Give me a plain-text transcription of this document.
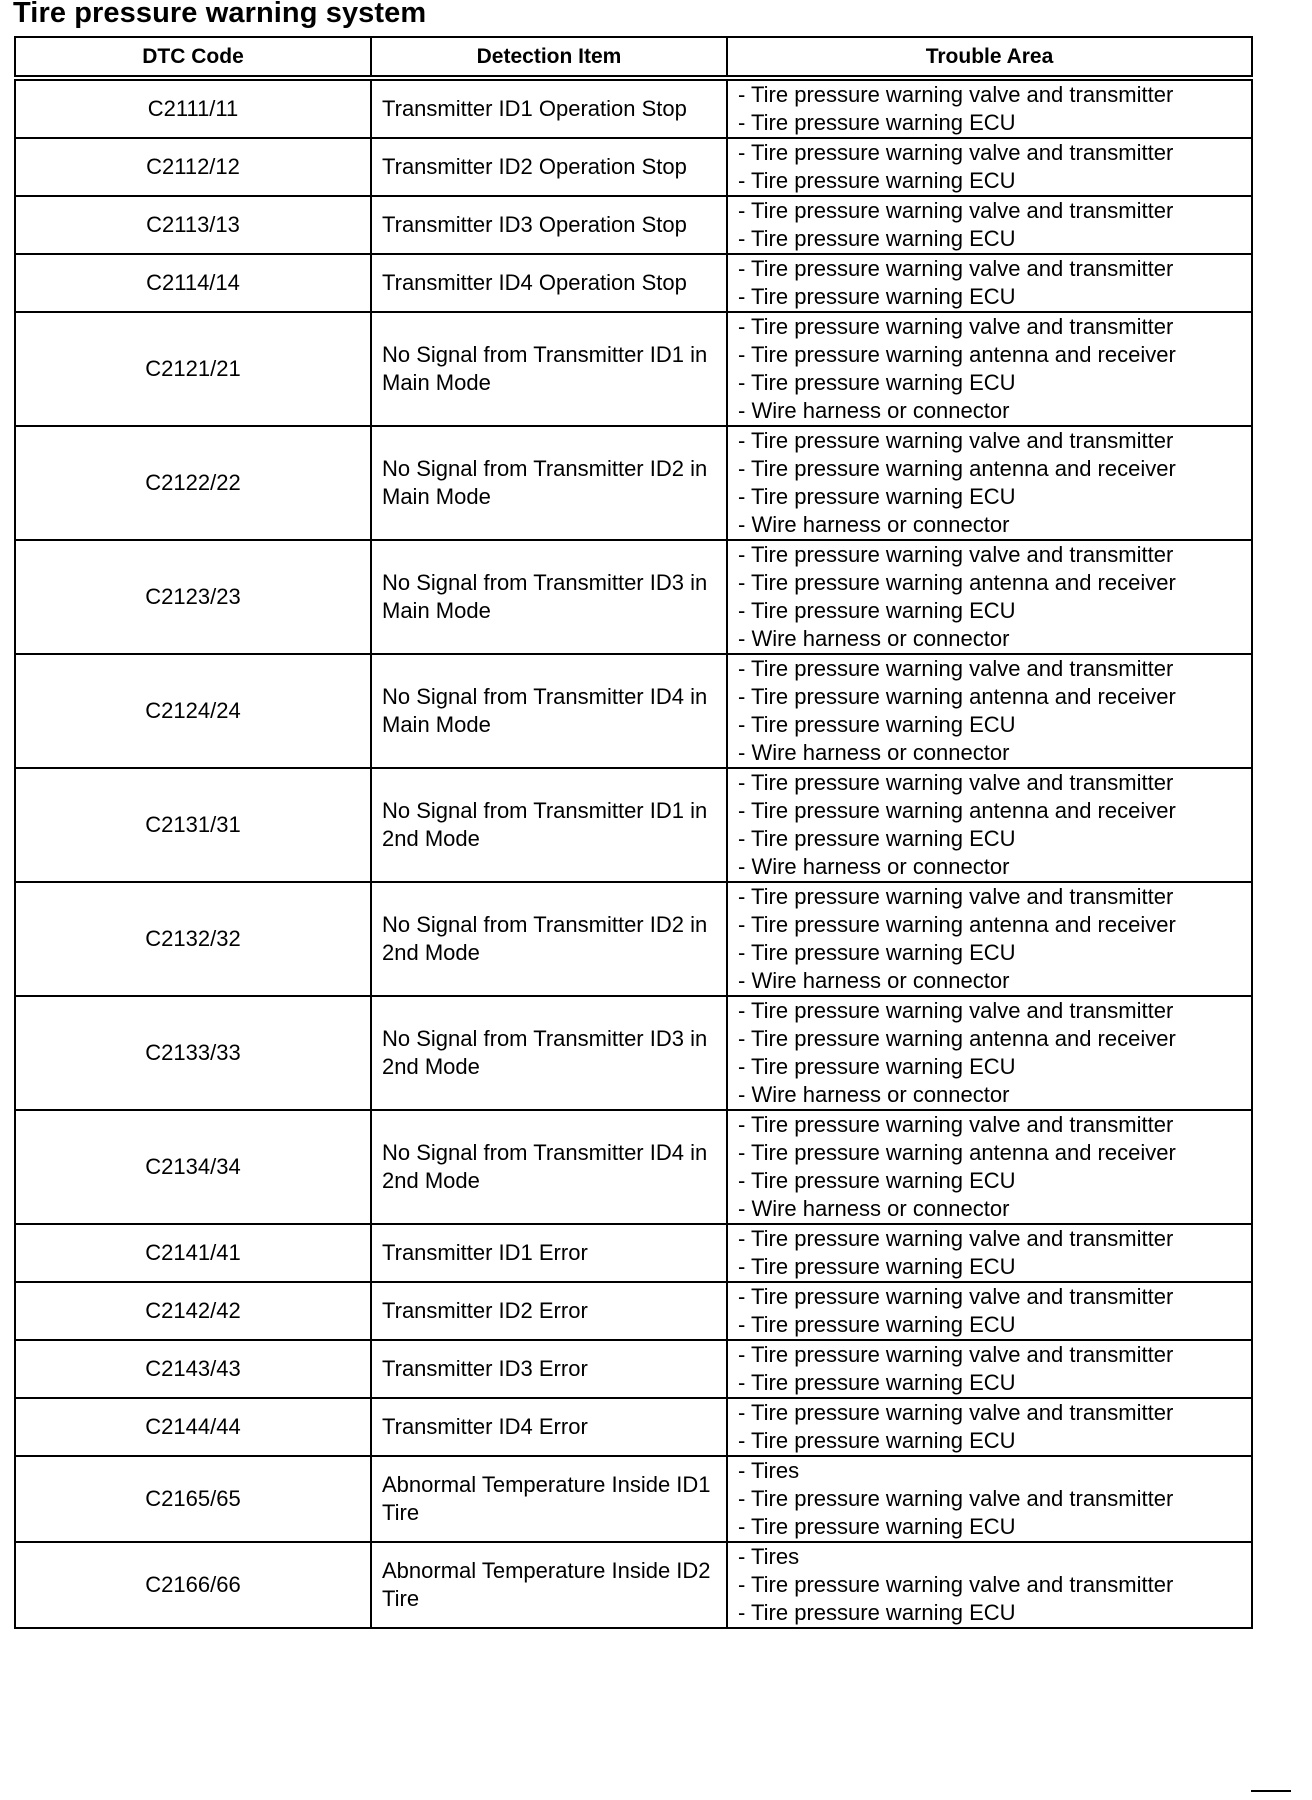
Tire pressure warning system
DTC Code	Detection Item	Trouble Area
C2111/11	Transmitter ID1 Operation Stop	- Tire pressure warning valve and transmitter
- Tire pressure warning ECU

C2112/12	Transmitter ID2 Operation Stop	- Tire pressure warning valve and transmitter
- Tire pressure warning ECU

C2113/13	Transmitter ID3 Operation Stop	- Tire pressure warning valve and transmitter
- Tire pressure warning ECU

C2114/14	Transmitter ID4 Operation Stop	- Tire pressure warning valve and transmitter
- Tire pressure warning ECU

C2121/21	No Signal from Transmitter ID1 in Main Mode	- Tire pressure warning valve and transmitter
- Tire pressure warning antenna and receiver
- Tire pressure warning ECU
- Wire harness or connector

C2122/22	No Signal from Transmitter ID2 in Main Mode	- Tire pressure warning valve and transmitter
- Tire pressure warning antenna and receiver
- Tire pressure warning ECU
- Wire harness or connector

C2123/23	No Signal from Transmitter ID3 in Main Mode	- Tire pressure warning valve and transmitter
- Tire pressure warning antenna and receiver
- Tire pressure warning ECU
- Wire harness or connector

C2124/24	No Signal from Transmitter ID4 in Main Mode	- Tire pressure warning valve and transmitter
- Tire pressure warning antenna and receiver
- Tire pressure warning ECU
- Wire harness or connector

C2131/31	No Signal from Transmitter ID1 in 2nd Mode	- Tire pressure warning valve and transmitter
- Tire pressure warning antenna and receiver
- Tire pressure warning ECU
- Wire harness or connector

C2132/32	No Signal from Transmitter ID2 in 2nd Mode	- Tire pressure warning valve and transmitter
- Tire pressure warning antenna and receiver
- Tire pressure warning ECU
- Wire harness or connector

C2133/33	No Signal from Transmitter ID3 in 2nd Mode	- Tire pressure warning valve and transmitter
- Tire pressure warning antenna and receiver
- Tire pressure warning ECU
- Wire harness or connector

C2134/34	No Signal from Transmitter ID4 in 2nd Mode	- Tire pressure warning valve and transmitter
- Tire pressure warning antenna and receiver
- Tire pressure warning ECU
- Wire harness or connector

C2141/41	Transmitter ID1 Error	- Tire pressure warning valve and transmitter
- Tire pressure warning ECU

C2142/42	Transmitter ID2 Error	- Tire pressure warning valve and transmitter
- Tire pressure warning ECU

C2143/43	Transmitter ID3 Error	- Tire pressure warning valve and transmitter
- Tire pressure warning ECU

C2144/44	Transmitter ID4 Error	- Tire pressure warning valve and transmitter
- Tire pressure warning ECU

C2165/65	Abnormal Temperature Inside ID1 Tire	- Tires
- Tire pressure warning valve and transmitter
- Tire pressure warning ECU

C2166/66	Abnormal Temperature Inside ID2 Tire	- Tires
- Tire pressure warning valve and transmitter
- Tire pressure warning ECU
